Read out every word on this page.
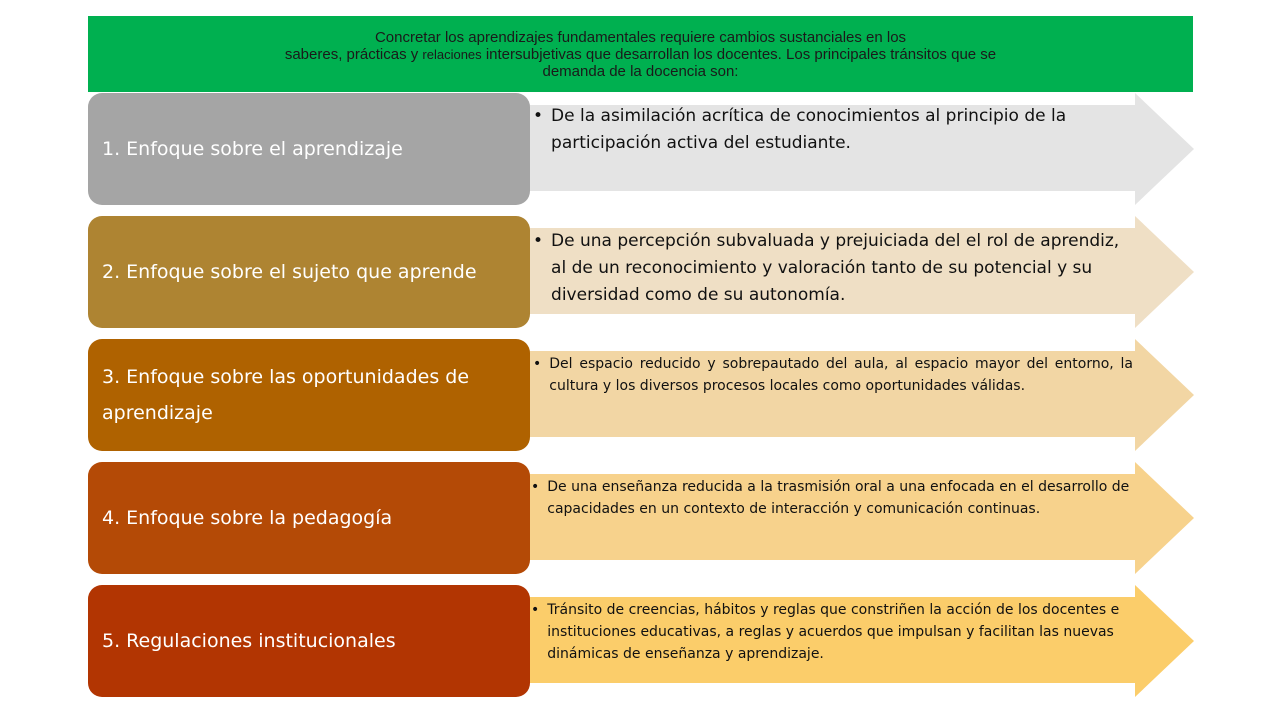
Concretar los aprendizajes fundamentales requiere cambios sustanciales en los
saberes, prácticas y relaciones intersubjetivas que desarrollan los docentes. Los principales tránsitos que se
demanda de la docencia son:
1. Enfoque sobre el aprendizaje
• De la asimilación acrítica de conocimientos al principio de la participación activa del estudiante.
2. Enfoque sobre el sujeto que aprende
• De una percepción subvaluada y prejuiciada del el rol de aprendiz, al de un reconocimiento y valoración tanto de su potencial y su diversidad como de su autonomía.
3. Enfoque sobre las oportunidades de aprendizaje
• Del espacio reducido y sobrepautado del aula, al espacio mayor del entorno, la cultura y los diversos procesos locales como oportunidades válidas.
4. Enfoque sobre la pedagogía
• De una enseñanza reducida a la trasmisión oral a una enfocada en el desarrollo de capacidades en un contexto de interacción y comunicación continuas.
5. Regulaciones institucionales
• Tránsito de creencias, hábitos y reglas que constriñen la acción de los docentes e instituciones educativas, a reglas y acuerdos que impulsan y facilitan las nuevas dinámicas de enseñanza y aprendizaje.
